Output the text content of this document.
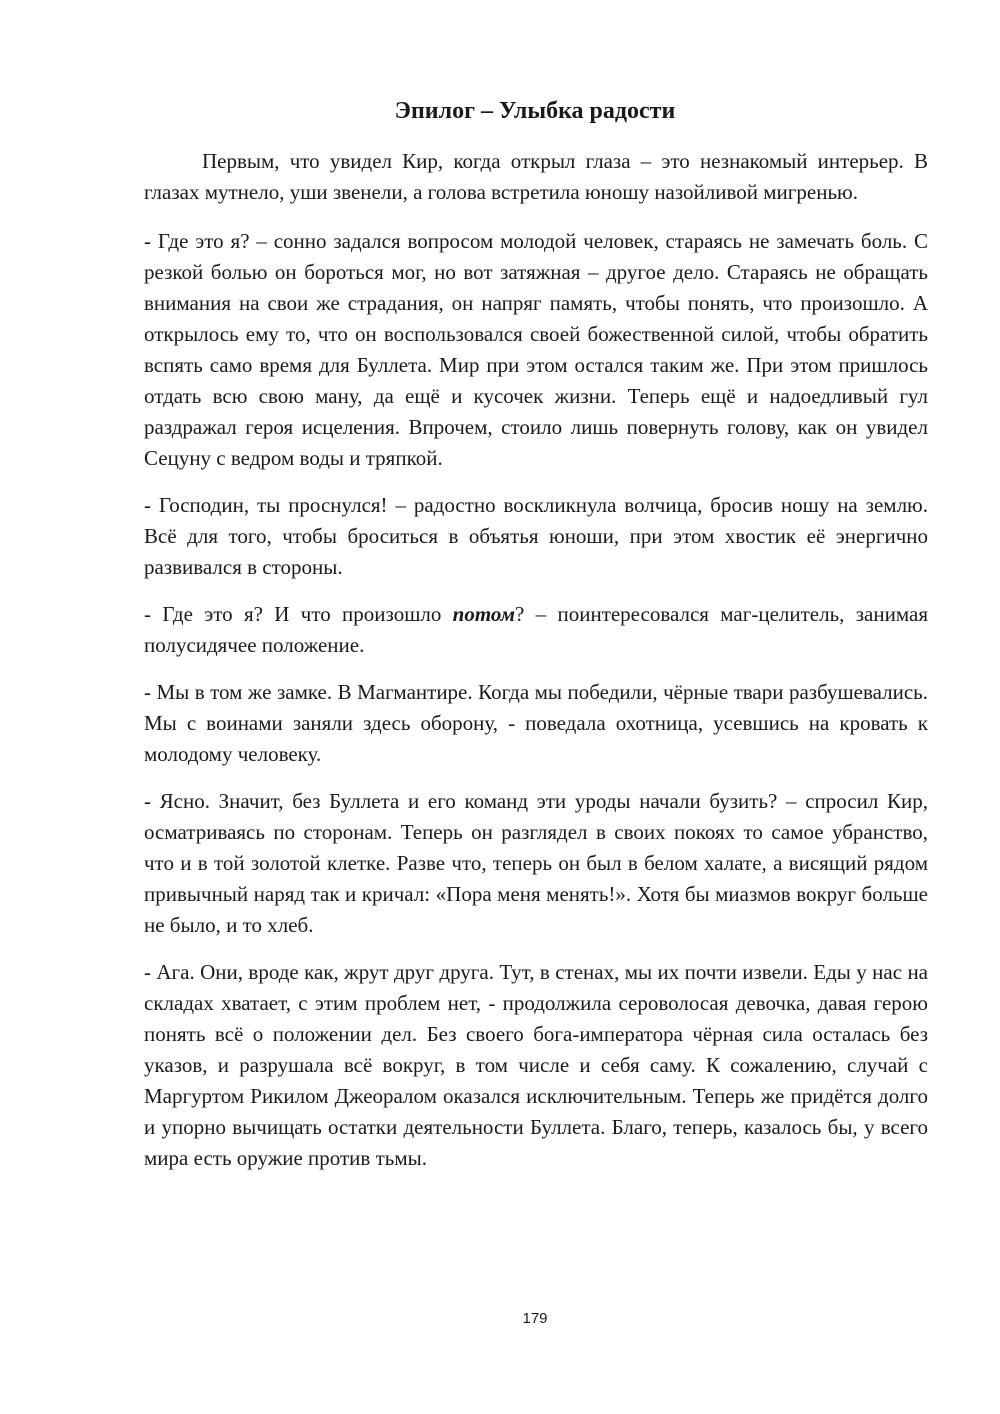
Эпилог – Улыбка радости

Первым, что увидел Кир, когда открыл глаза – это незнакомый интерьер. В глазах мутнело, уши звенели, а голова встретила юношу назойливой мигренью.

- Где это я? – сонно задался вопросом молодой человек, стараясь не замечать боль. С резкой болью он бороться мог, но вот затяжная – другое дело. Стараясь не обращать внимания на свои же страдания, он напряг память, чтобы понять, что произошло. А открылось ему то, что он воспользовался своей божественной силой, чтобы обратить вспять само время для Буллета. Мир при этом остался таким же. При этом пришлось отдать всю свою ману, да ещё и кусочек жизни. Теперь ещё и надоедливый гул раздражал героя исцеления. Впрочем, стоило лишь повернуть голову, как он увидел Сецуну с ведром воды и тряпкой.

- Господин, ты проснулся! – радостно воскликнула волчица, бросив ношу на землю. Всё для того, чтобы броситься в объятья юноши, при этом хвостик её энергично развивался в стороны.

- Где это я? И что произошло потом? – поинтересовался маг-целитель, занимая полусидячее положение.

- Мы в том же замке. В Магмантире. Когда мы победили, чёрные твари разбушевались. Мы с воинами заняли здесь оборону, - поведала охотница, усевшись на кровать к молодому человеку.

- Ясно. Значит, без Буллета и его команд эти уроды начали бузить? – спросил Кир, осматриваясь по сторонам. Теперь он разглядел в своих покоях то самое убранство, что и в той золотой клетке. Разве что, теперь он был в белом халате, а висящий рядом привычный наряд так и кричал: «Пора меня менять!». Хотя бы миазмов вокруг больше не было, и то хлеб.

- Ага. Они, вроде как, жрут друг друга. Тут, в стенах, мы их почти извели. Еды у нас на складах хватает, с этим проблем нет, - продолжила сероволосая девочка, давая герою понять всё о положении дел. Без своего бога-императора чёрная сила осталась без указов, и разрушала всё вокруг, в том числе и себя саму. К сожалению, случай с Маргуртом Рикилом Джеоралом оказался исключительным. Теперь же придётся долго и упорно вычищать остатки деятельности Буллета. Благо, теперь, казалось бы, у всего мира есть оружие против тьмы.

179
